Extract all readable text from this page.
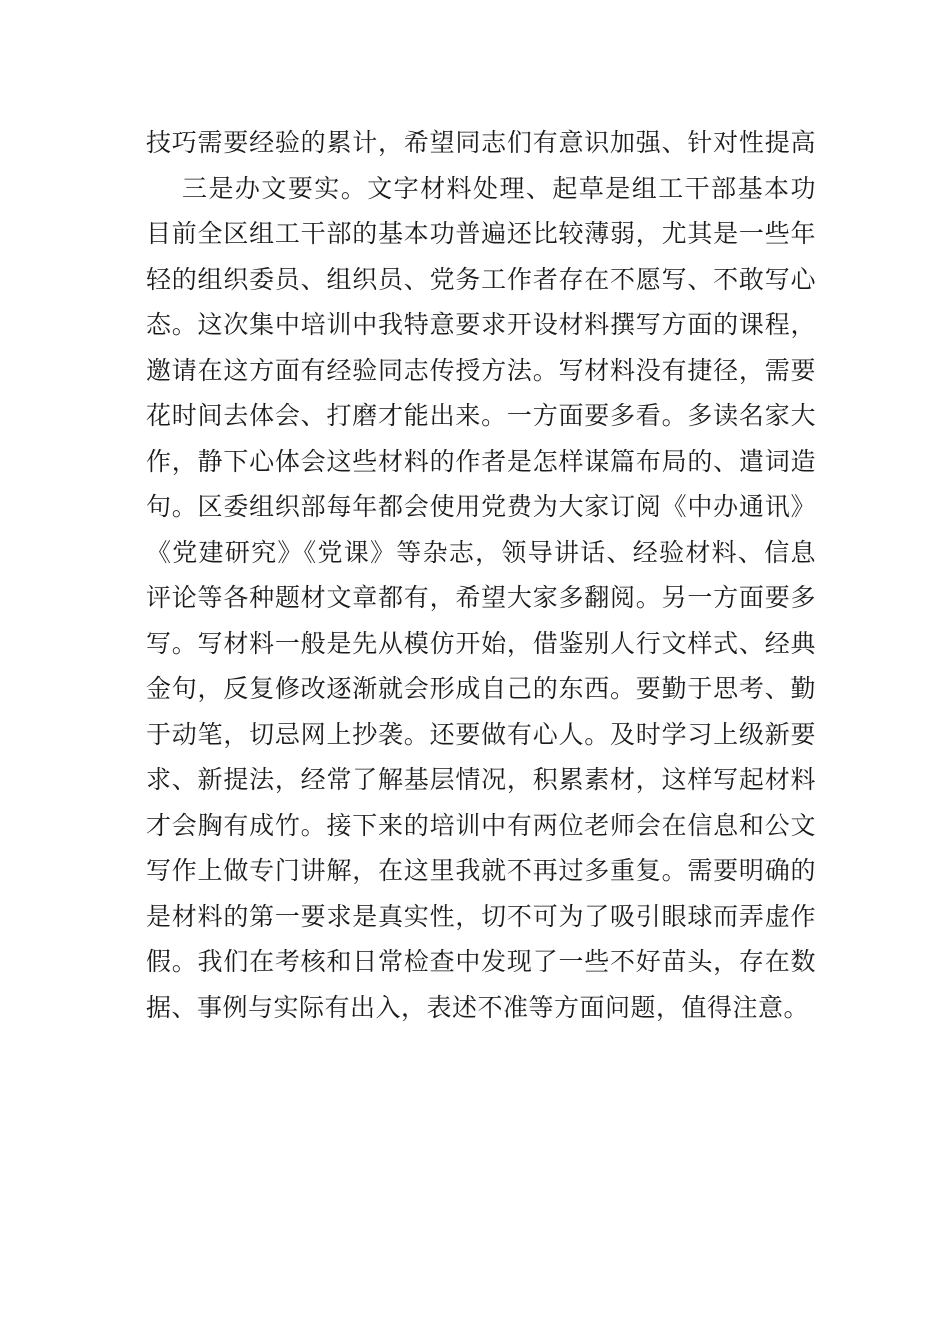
技巧需要经验的累计，希望同志们有意识加强、针对性提高
三是办文要实。文字材料处理、起草是组工干部基本功
目前全区组工干部的基本功普遍还比较薄弱，尤其是一些年
轻的组织委员、组织员、党务工作者存在不愿写、不敢写心
态。这次集中培训中我特意要求开设材料撰写方面的课程，
邀请在这方面有经验同志传授方法。写材料没有捷径，需要
花时间去体会、打磨才能出来。一方面要多看。多读名家大
作，静下心体会这些材料的作者是怎样谋篇布局的、遣词造
句。区委组织部每年都会使用党费为大家订阅《中办通讯》
《党建研究》《党课》等杂志，领导讲话、经验材料、信息
评论等各种题材文章都有，希望大家多翻阅。另一方面要多
写。写材料一般是先从模仿开始，借鉴别人行文样式、经典
金句，反复修改逐渐就会形成自己的东西。要勤于思考、勤
于动笔，切忌网上抄袭。还要做有心人。及时学习上级新要
求、新提法，经常了解基层情况，积累素材，这样写起材料
才会胸有成竹。接下来的培训中有两位老师会在信息和公文
写作上做专门讲解，在这里我就不再过多重复。需要明确的
是材料的第一要求是真实性，切不可为了吸引眼球而弄虚作
假。我们在考核和日常检查中发现了一些不好苗头，存在数
据、事例与实际有出入，表述不准等方面问题，值得注意。
